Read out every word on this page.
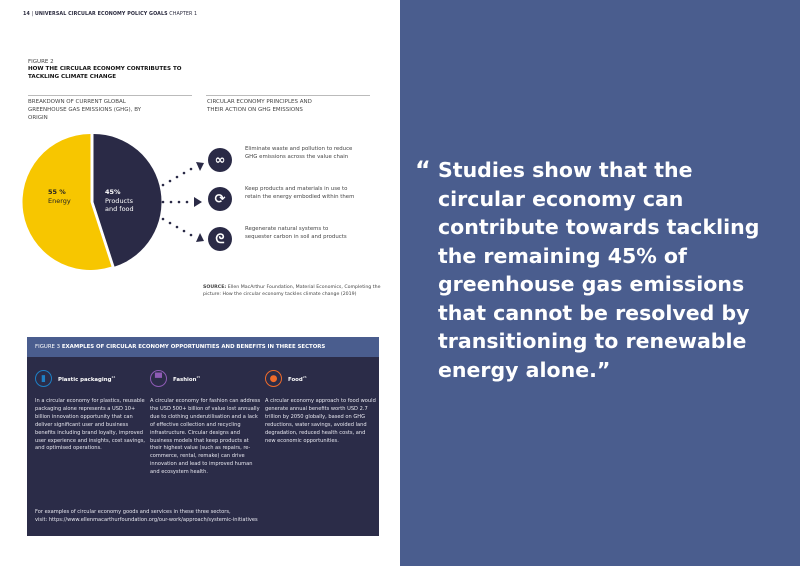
14 | UNIVERSAL CIRCULAR ECONOMY POLICY GOALS CHAPTER 1
FIGURE 2
HOW THE CIRCULAR ECONOMY CONTRIBUTES TO TACKLING CLIMATE CHANGE
BREAKDOWN OF CURRENT GLOBAL GREENHOUSE GAS EMISSIONS (GHG), BY ORIGIN
CIRCULAR ECONOMY PRINCIPLES AND THEIR ACTION ON GHG EMISSIONS
55 %
Energy
45%
Products and food
∞
Eliminate waste and pollution to reduce GHG emissions across the value chain
⟳
Keep products and materials in use to retain the energy embodied within them
ᘓ
Regenerate natural systems to sequester carbon in soil and products
SOURCE: Ellen MacArthur Foundation, Material Economics, Completing the picture: How the circular economy tackles climate change (2019)
FIGURE 3 EXAMPLES OF CIRCULAR ECONOMY OPPORTUNITIES AND BENEFITS IN THREE SECTORS
▮ Plastic packaging$^{24}$
In a circular economy for plastics, reusable packaging alone represents a USD 10+ billion innovation opportunity that can deliver significant user and business benefits including brand loyalty, improved user experience and insights, cost savings, and optimised operations.
▀ Fashion$^{25}$
A circular economy for fashion can address the USD 500+ billion of value lost annually due to clothing underutilisation and a lack of effective collection and recycling infrastructure. Circular designs and business models that keep products at their highest value (such as repairs, re-commerce, rental, remake) can drive innovation and lead to improved human and ecosystem health.
● Food$^{26}$
A circular economy approach to food would generate annual benefits worth USD 2.7 trillion by 2050 globally, based on GHG reductions, water savings, avoided land degradation, reduced health costs, and new economic opportunities.
For examples of circular economy goods and services in these three sectors,
visit: https://www.ellenmacarthurfoundation.org/our-work/approach/systemic-initiatives
“ Studies show that the circular economy can contribute towards tackling the remaining 45% of greenhouse gas emissions that cannot be resolved by transitioning to renewable energy alone.”
